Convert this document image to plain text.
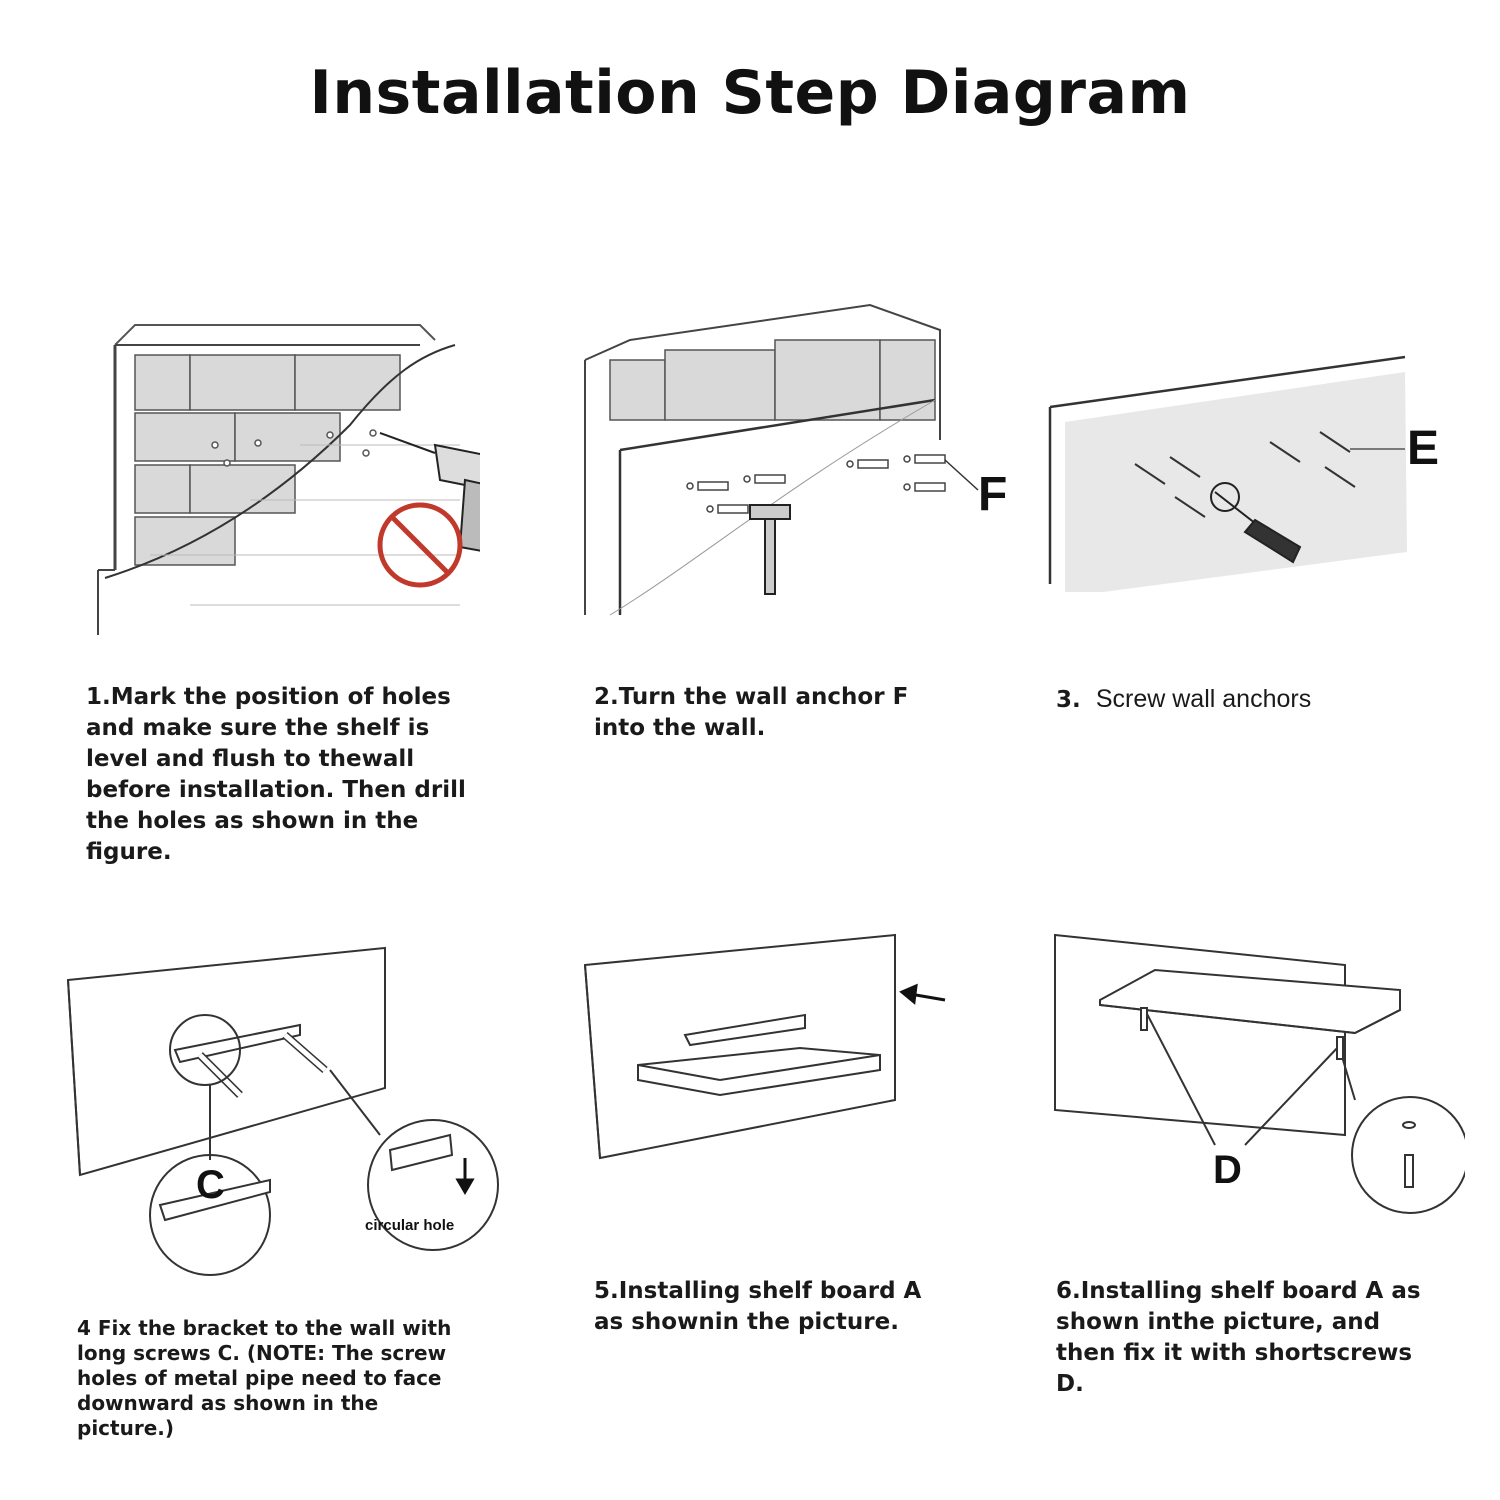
Installation Step Diagram
1.Mark the position of holes and make sure the shelf is level and flush to thewall before installation. Then drill the holes as shown in the figure.
F
2.Turn the wall anchor F into the wall.
E
3. Screw wall anchors
C
circular hole
4 Fix the bracket to the wall with long screws C. (NOTE: The screw holes of metal pipe need to face downward as shown in the picture.)
5.Installing shelf board A as shownin the picture.
D
6.Installing shelf board A as shown inthe picture, and then fix it with shortscrews D.
